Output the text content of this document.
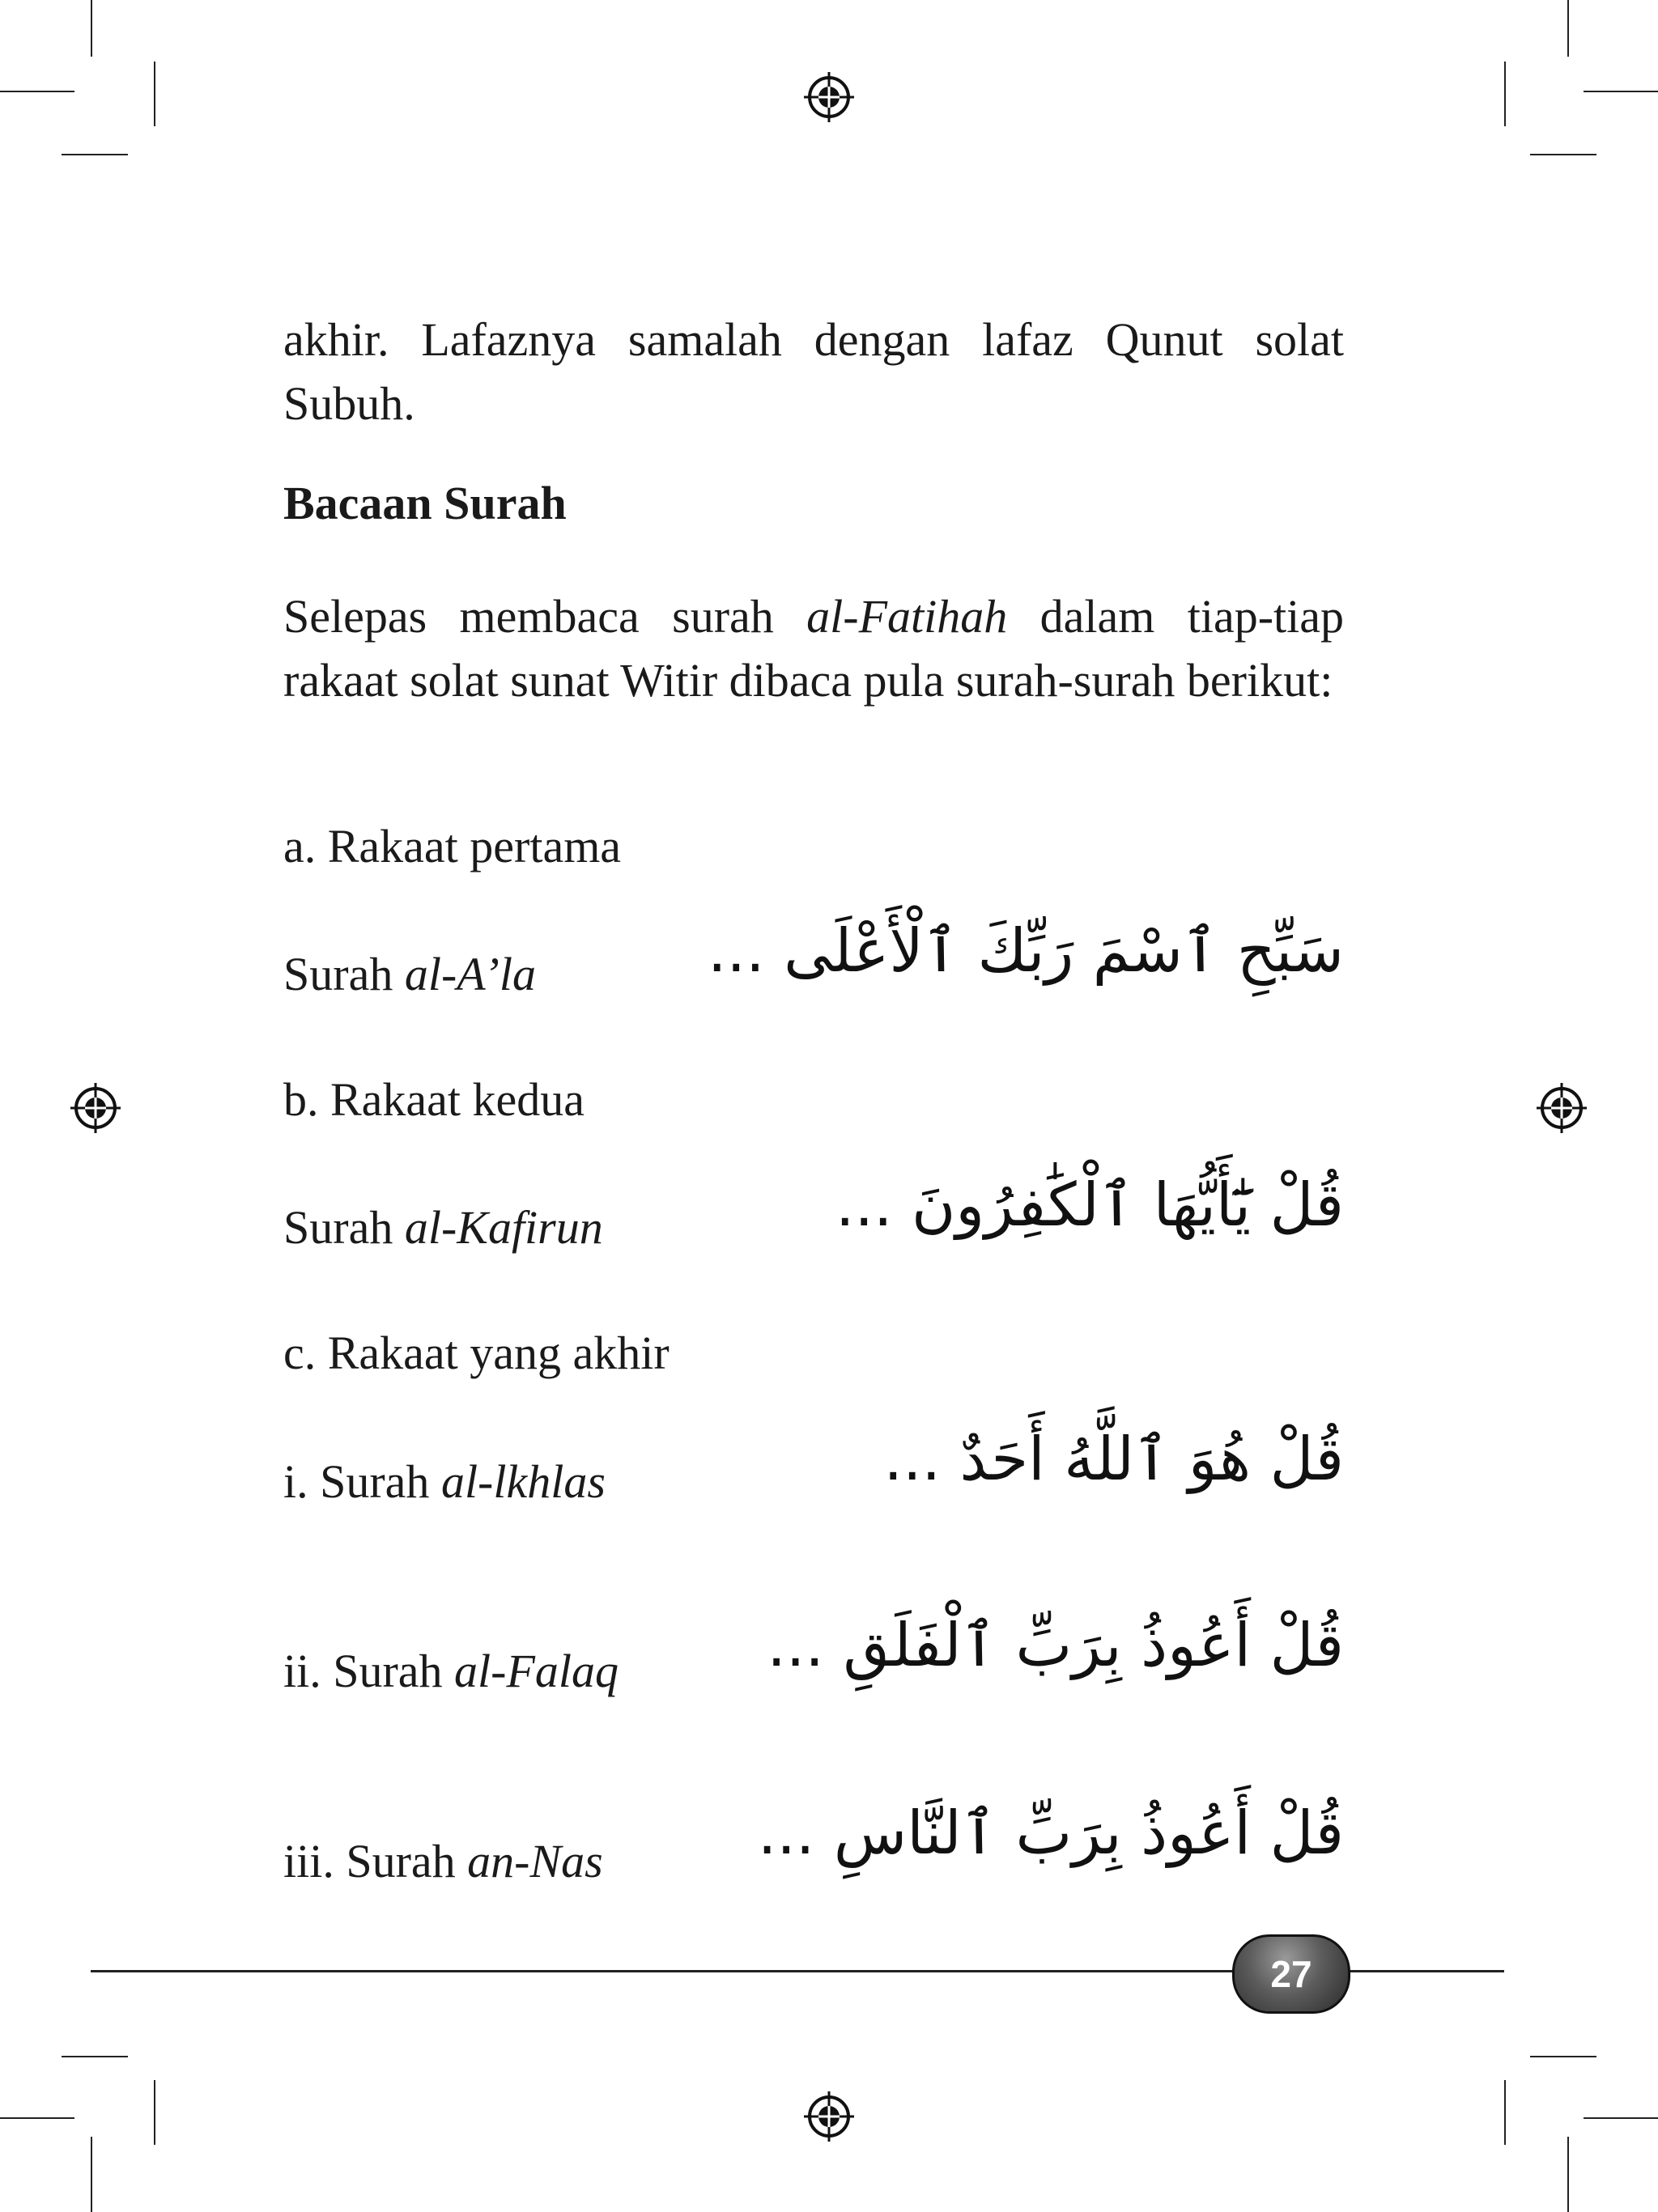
akhir. Lafaznya samalah dengan lafaz Qunut solat Subuh.
Bacaan Surah
Selepas membaca surah al-Fatihah dalam tiap-tiap rakaat solat sunat Witir dibaca pula surah-surah berikut:
a. Rakaat pertama
Surah al-A’la	سَبِّحِ ٱسْمَ رَبِّكَ ٱلْأَعْلَى ...
b. Rakaat kedua
Surah al-Kafirun	قُلْ يَٰٓأَيُّهَا ٱلْكَٰفِرُونَ ...
c. Rakaat yang akhir
i. Surah al-lkhlas	قُلْ هُوَ ٱللَّهُ أَحَدٌ ...
ii. Surah al-Falaq قُلْ أَعُوذُ بِرَبِّ ٱلْفَلَقِ ...
iii. Surah an-Nas	قُلْ أَعُوذُ بِرَبِّ ٱلنَّاسِ ...
27
